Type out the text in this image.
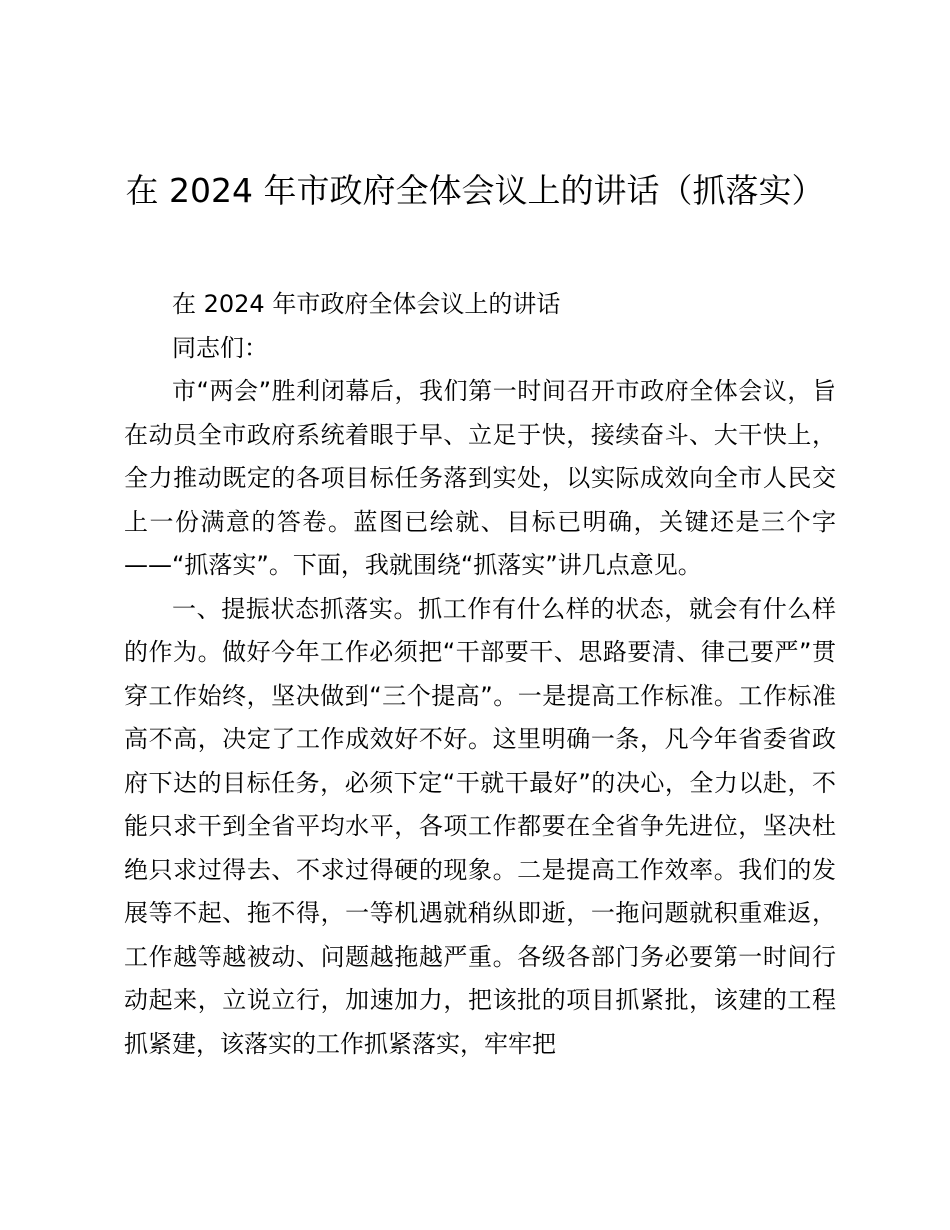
在 2024 年市政府全体会议上的讲话（抓落实）

在 2024 年市政府全体会议上的讲话

同志们：

市“两会”胜利闭幕后，我们第一时间召开市政府全体会议，旨在动员全市政府系统着眼于早、立足于快，接续奋斗、大干快上，全力推动既定的各项目标任务落到实处，以实际成效向全市人民交上一份满意的答卷。蓝图已绘就、目标已明确，关键还是三个字——“抓落实”。下面，我就围绕“抓落实”讲几点意见。

一、提振状态抓落实。抓工作有什么样的状态，就会有什么样的作为。做好今年工作必须把“干部要干、思路要清、律己要严”贯穿工作始终，坚决做到“三个提高”。一是提高工作标准。工作标准高不高，决定了工作成效好不好。这里明确一条，凡今年省委省政府下达的目标任务，必须下定“干就干最好”的决心，全力以赴，不能只求干到全省平均水平，各项工作都要在全省争先进位，坚决杜绝只求过得去、不求过得硬的现象。二是提高工作效率。我们的发展等不起、拖不得，一等机遇就稍纵即逝，一拖问题就积重难返，工作越等越被动、问题越拖越严重。各级各部门务必要第一时间行动起来，立说立行，加速加力，把该批的项目抓紧批，该建的工程抓紧建，该落实的工作抓紧落实，牢牢把
